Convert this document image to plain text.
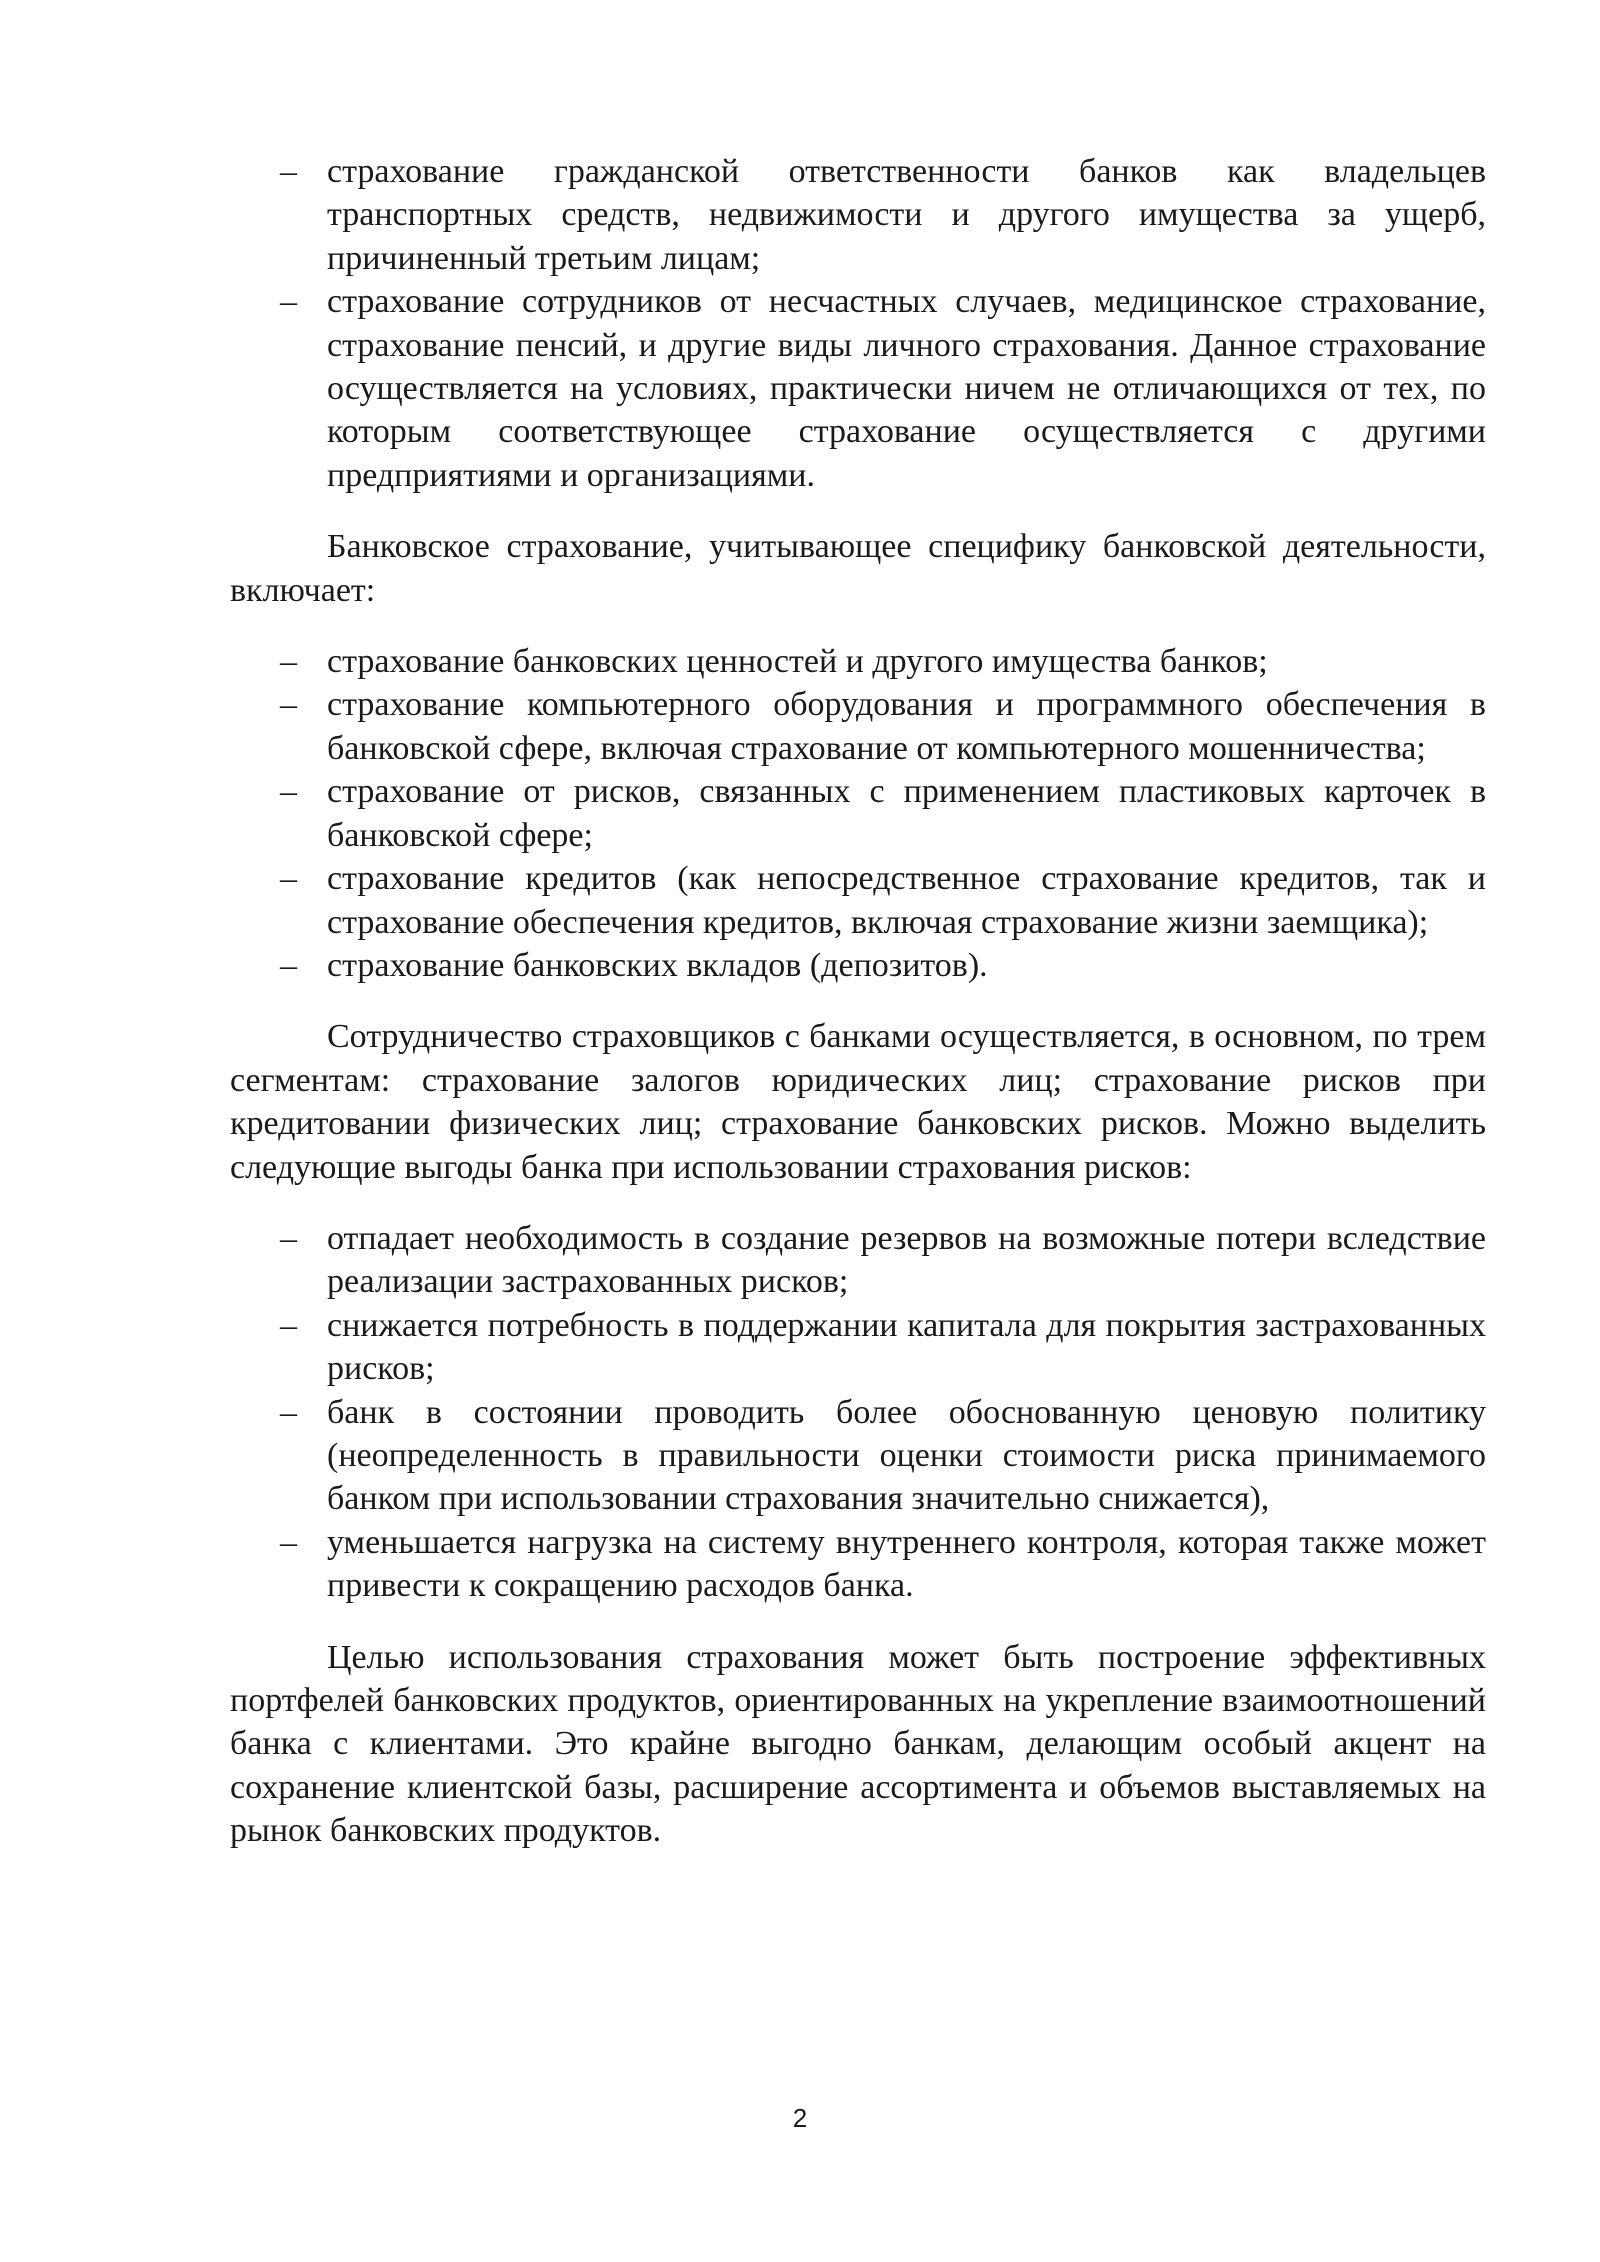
– страхование гражданской ответственности банков как владельцев транспортных средств, недвижимости и другого имущества за ущерб, причиненный третьим лицам;
– страхование сотрудников от несчастных случаев, медицинское страхование, страхование пенсий, и другие виды личного страхования. Данное страхование осуществляется на условиях, практически ничем не отличающихся от тех, по которым соответствующее страхование осуществляется с другими предприятиями и организациями.

Банковское страхование, учитывающее специфику банковской деятельности, включает:

– страхование банковских ценностей и другого имущества банков;
– страхование компьютерного оборудования и программного обеспечения в банковской сфере, включая страхование от компьютерного мошенничества;
– страхование от рисков, связанных с применением пластиковых карточек в банковской сфере;
– страхование кредитов (как непосредственное страхование кредитов, так и страхование обеспечения кредитов, включая страхование жизни заемщика);
– страхование банковских вкладов (депозитов).

Сотрудничество страховщиков с банками осуществляется, в основном, по трем сегментам: страхование залогов юридических лиц; страхование рисков при кредитовании физических лиц; страхование банковских рисков. Можно выделить следующие выгоды банка при использовании страхования рисков:

– отпадает необходимость в создание резервов на возможные потери вследствие реализации застрахованных рисков;
– снижается потребность в поддержании капитала для покрытия застрахованных рисков;
– банк в состоянии проводить более обоснованную ценовую политику (неопределенность в правильности оценки стоимости риска принимаемого банком при использовании страхования значительно снижается),
– уменьшается нагрузка на систему внутреннего контроля, которая также может привести к сокращению расходов банка.

Целью использования страхования может быть построение эффективных портфелей банковских продуктов, ориентированных на укрепление взаимоотношений банка с клиентами. Это крайне выгодно банкам, делающим особый акцент на сохранение клиентской базы, расширение ассортимента и объемов выставляемых на рынок банковских продуктов.

2
